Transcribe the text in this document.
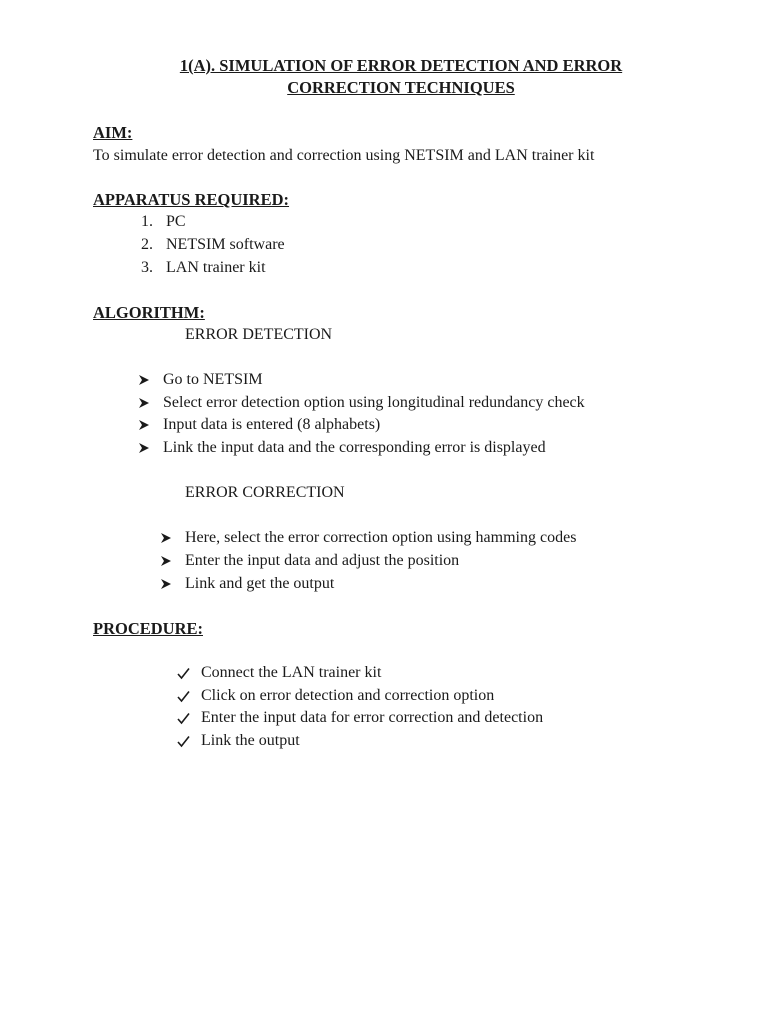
1(A). SIMULATION OF ERROR DETECTION AND ERROR
CORRECTION TECHNIQUES
AIM:
To simulate error detection and correction using NETSIM and LAN trainer kit
APPARATUS REQUIRED:
1. PC
2. NETSIM software
3. LAN trainer kit
ALGORITHM:
ERROR DETECTION
Go to NETSIM
Select error detection option using longitudinal redundancy check
Input data is entered (8 alphabets)
Link the input data and the corresponding error is displayed
ERROR CORRECTION
Here, select the error correction option using hamming codes
Enter the input data and adjust the position
Link and get the output
PROCEDURE:
Connect the LAN trainer kit
Click on error detection and correction option
Enter the input data for error correction and detection
Link the output
